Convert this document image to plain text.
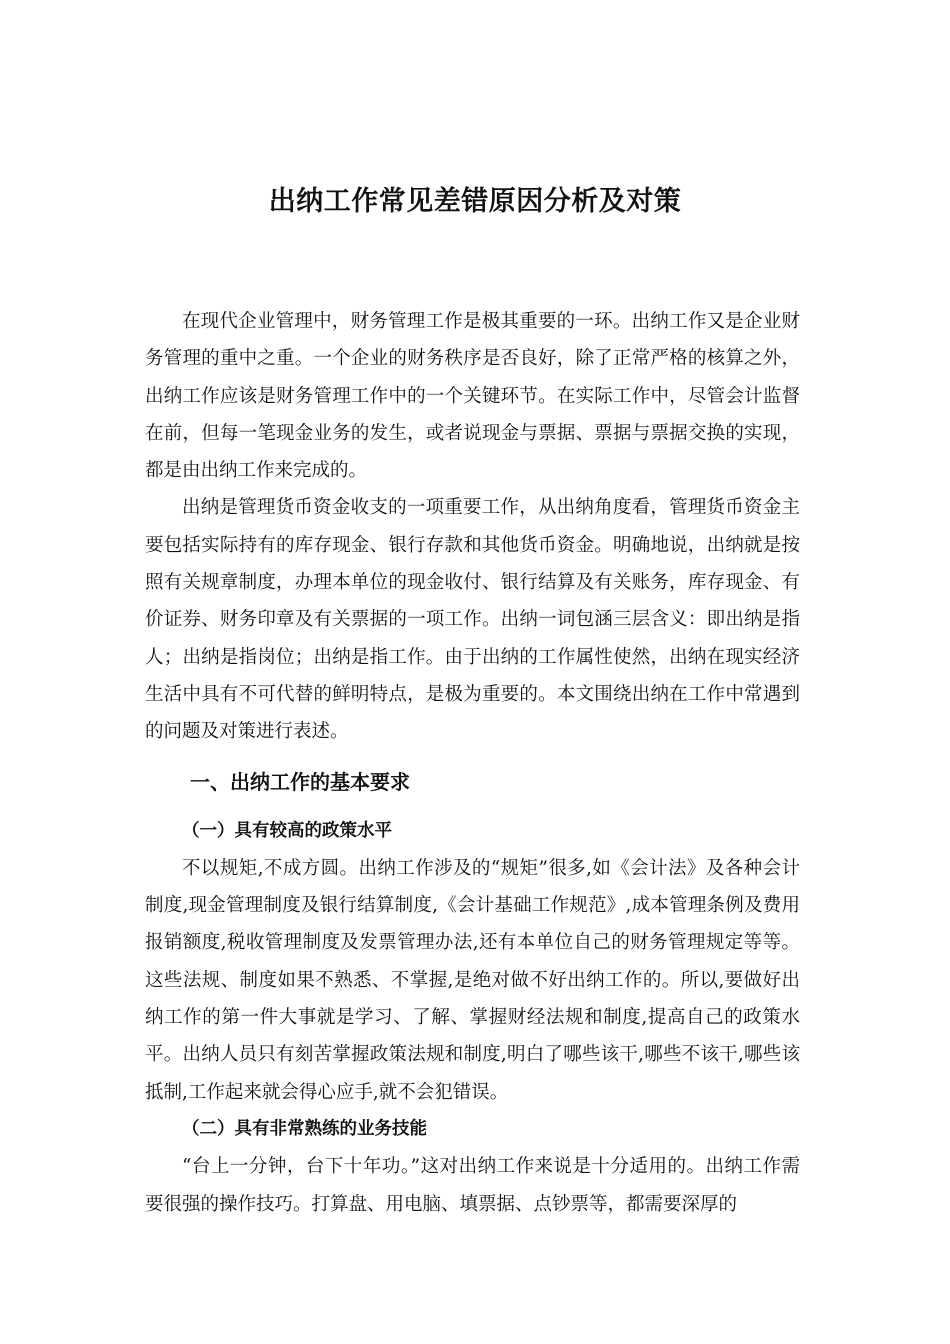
出纳工作常见差错原因分析及对策

在现代企业管理中，财务管理工作是极其重要的一环。出纳工作又是企业财务管理的重中之重。一个企业的财务秩序是否良好，除了正常严格的核算之外，出纳工作应该是财务管理工作中的一个关键环节。在实际工作中，尽管会计监督在前，但每一笔现金业务的发生，或者说现金与票据、票据与票据交换的实现，都是由出纳工作来完成的。

出纳是管理货币资金收支的一项重要工作，从出纳角度看，管理货币资金主要包括实际持有的库存现金、银行存款和其他货币资金。明确地说，出纳就是按照有关规章制度，办理本单位的现金收付、银行结算及有关账务，库存现金、有价证券、财务印章及有关票据的一项工作。出纳一词包涵三层含义：即出纳是指人；出纳是指岗位；出纳是指工作。由于出纳的工作属性使然，出纳在现实经济生活中具有不可代替的鲜明特点，是极为重要的。本文围绕出纳在工作中常遇到的问题及对策进行表述。

一、出纳工作的基本要求
（一）具有较高的政策水平

不以规矩,不成方圆。出纳工作涉及的“规矩”很多,如《会计法》及各种会计制度,现金管理制度及银行结算制度,《会计基础工作规范》,成本管理条例及费用报销额度,税收管理制度及发票管理办法,还有本单位自己的财务管理规定等等。这些法规、制度如果不熟悉、不掌握,是绝对做不好出纳工作的。所以,要做好出纳工作的第一件大事就是学习、了解、掌握财经法规和制度,提高自己的政策水平。出纳人员只有刻苦掌握政策法规和制度,明白了哪些该干,哪些不该干,哪些该抵制,工作起来就会得心应手,就不会犯错误。

（二）具有非常熟练的业务技能

“台上一分钟，台下十年功。”这对出纳工作来说是十分适用的。出纳工作需要很强的操作技巧。打算盘、用电脑、填票据、点钞票等，都需要深厚的
